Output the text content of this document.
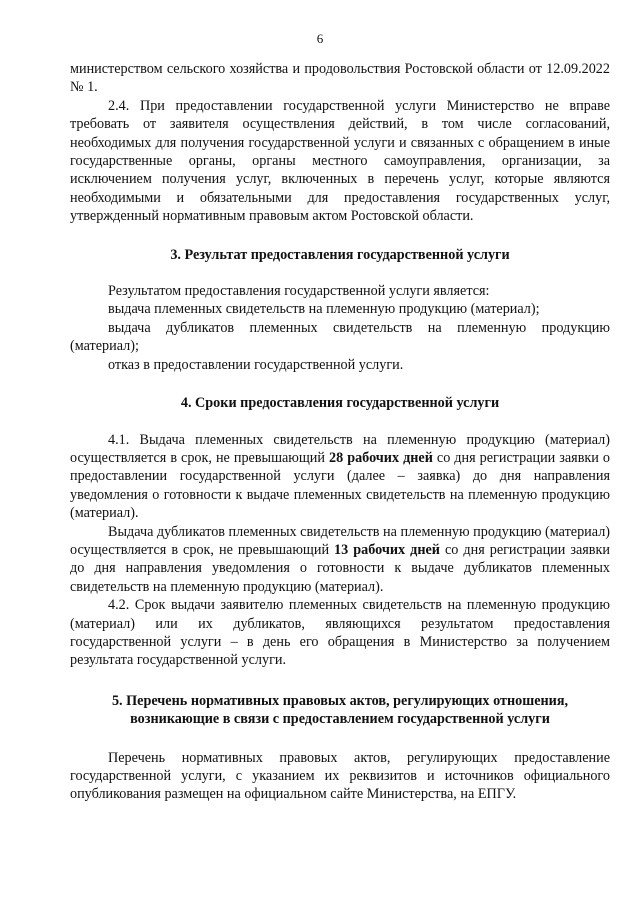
6

министерством сельского хозяйства и продовольствия Ростовской области от 12.09.2022 № 1.

2.4. При предоставлении государственной услуги Министерство не вправе требовать от заявителя осуществления действий, в том числе согласований, необходимых для получения государственной услуги и связанных с обращением в иные государственные органы, органы местного самоуправления, организации, за исключением получения услуг, включенных в перечень услуг, которые являются необходимыми и обязательными для предоставления государственных услуг, утвержденный нормативным правовым актом Ростовской области.

3. Результат предоставления государственной услуги

Результатом предоставления государственной услуги является:

выдача племенных свидетельств на племенную продукцию (материал);

выдача дубликатов племенных свидетельств на племенную продукцию (материал);

отказ в предоставлении государственной услуги.

4. Сроки предоставления государственной услуги

4.1. Выдача племенных свидетельств на племенную продукцию (материал) осуществляется в срок, не превышающий 28 рабочих дней со дня регистрации заявки о предоставлении государственной услуги (далее – заявка) до дня направления уведомления о готовности к выдаче племенных свидетельств на племенную продукцию (материал).

Выдача дубликатов племенных свидетельств на племенную продукцию (материал) осуществляется в срок, не превышающий 13 рабочих дней со дня регистрации заявки до дня направления уведомления о готовности к выдаче дубликатов племенных свидетельств на племенную продукцию (материал).

4.2. Срок выдачи заявителю племенных свидетельств на племенную продукцию (материал) или их дубликатов, являющихся результатом предоставления государственной услуги – в день его обращения в Министерство за получением результата государственной услуги.

5. Перечень нормативных правовых актов, регулирующих отношения, возникающие в связи с предоставлением государственной услуги

Перечень нормативных правовых актов, регулирующих предоставление государственной услуги, с указанием их реквизитов и источников официального опубликования размещен на официальном сайте Министерства, на ЕПГУ.
